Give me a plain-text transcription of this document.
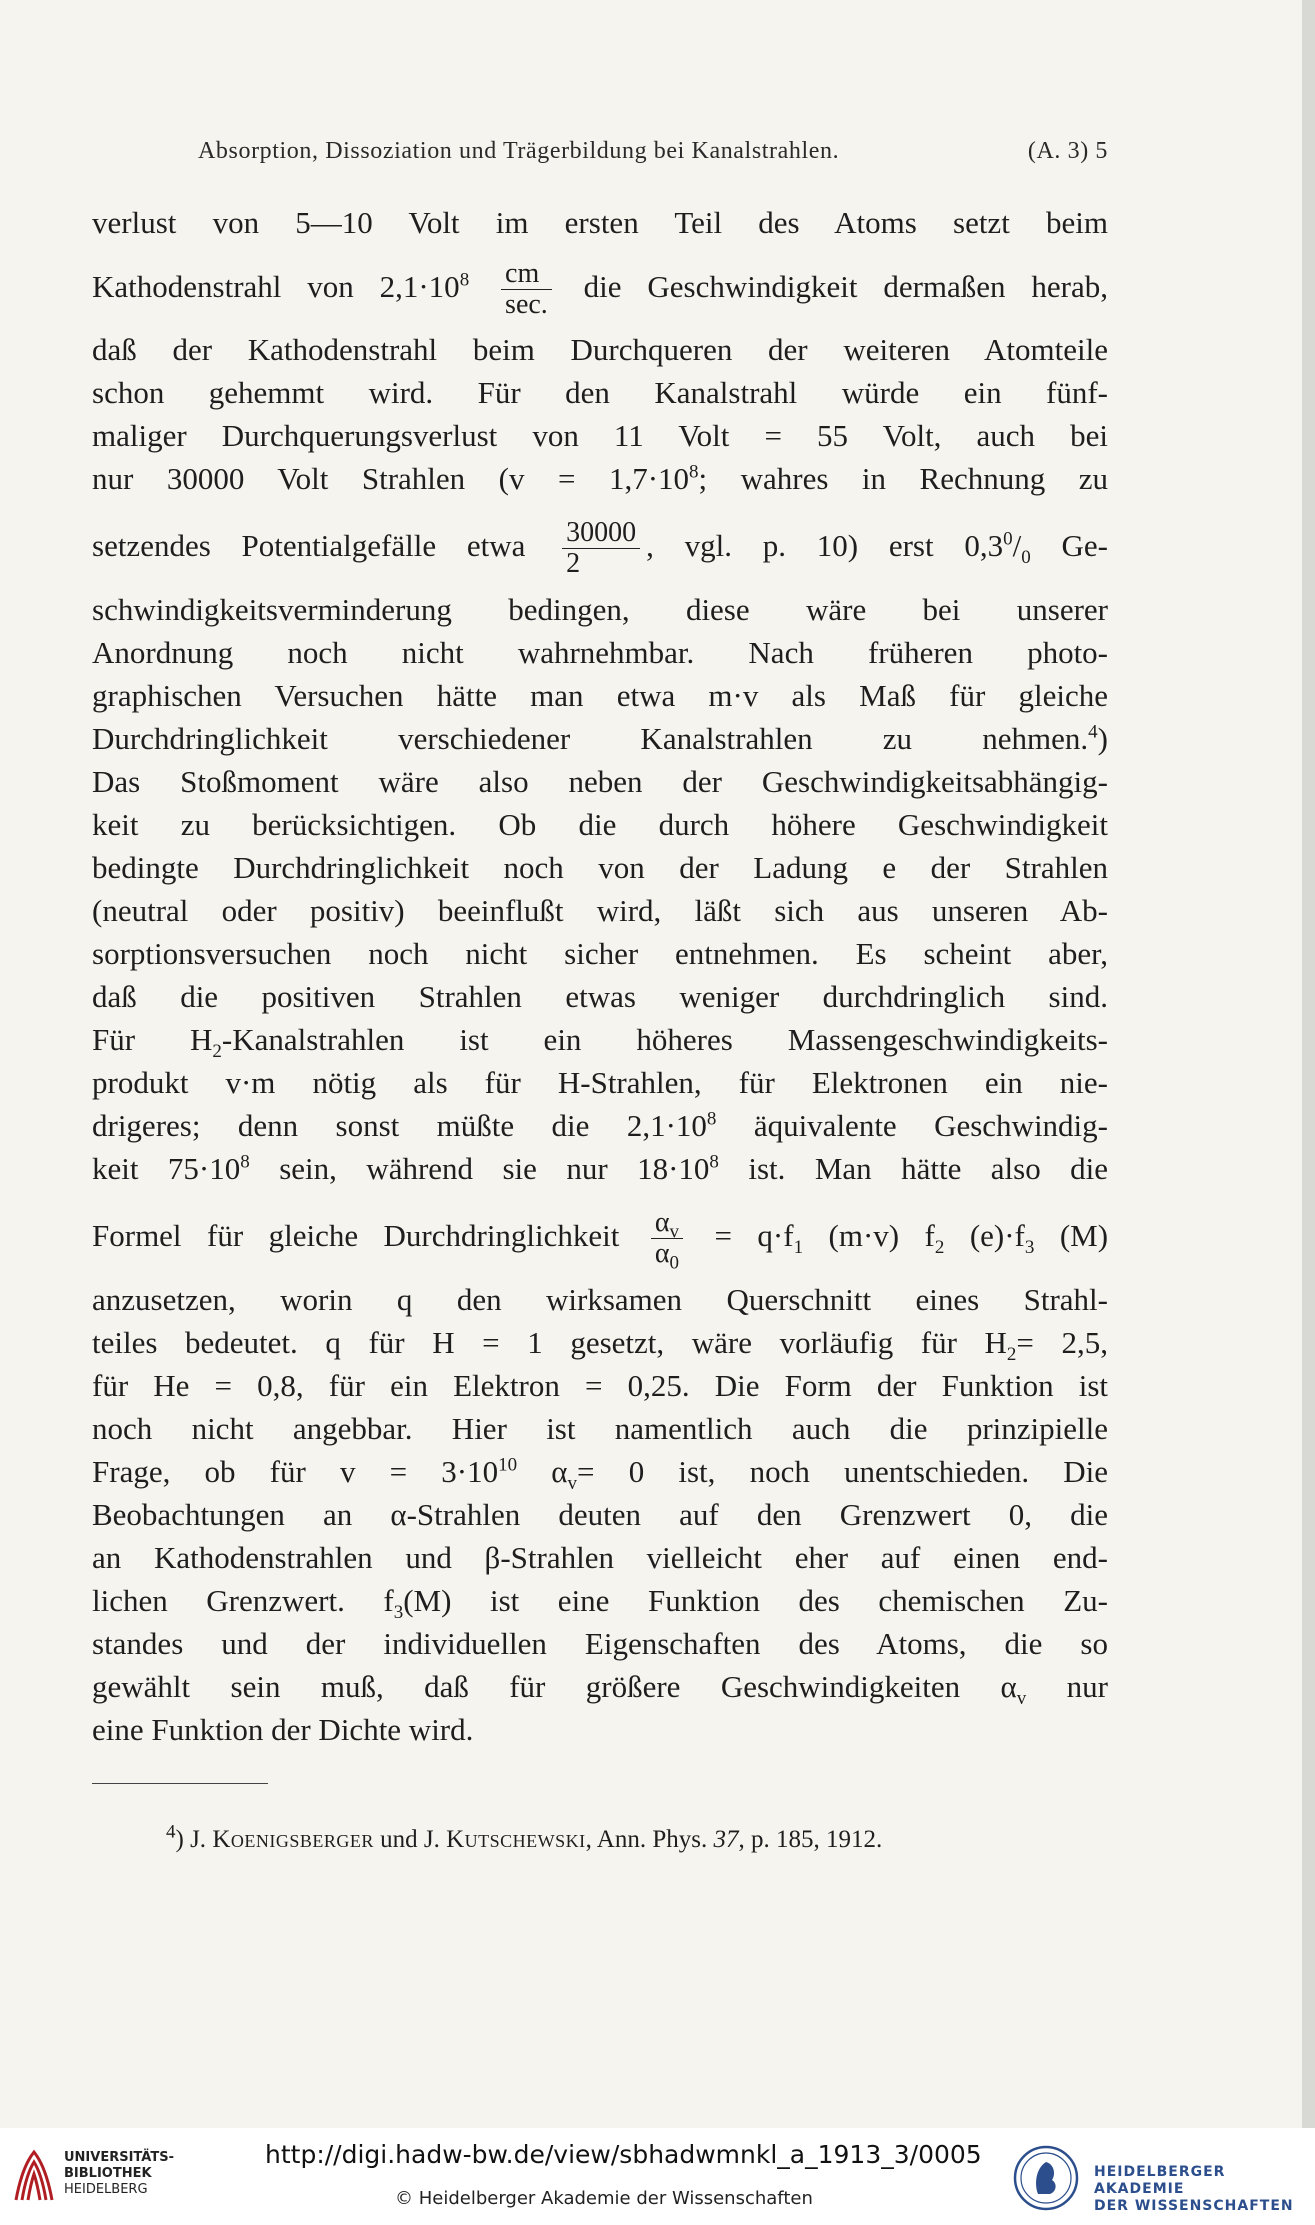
Absorption, Dissoziation und Trägerbildung bei Kanalstrahlen.	(A. 3) 5
verlust von 5—10 Volt im ersten Teil des Atoms setzt beim
Kathodenstrahl von $2,1\cdot 10^8 \frac{cm}{\sec.}$ die Geschwindigkeit dermaßen herab,
daß der Kathodenstrahl beim Durchqueren der weiteren Atomteile
schon gehemmt wird. Für den Kanalstrahl würde ein fünf-
maliger Durchquerungsverlust von 11 Volt = 55 Volt, auch bei
nur 30000 Volt Strahlen ($v = 1,7\cdot 10^8$; wahres in Rechnung zu
setzendes Potentialgefälle etwa $\frac{30000}{2}$ , vgl. p. 10) erst $0,3^0/_0$ Ge-
schwindigkeitsverminderung bedingen, diese wäre bei unserer
Anordnung noch nicht wahrnehmbar. Nach früheren photo-
graphischen Versuchen hätte man etwa m·v als Maß für gleiche
Durchdringlichkeit verschiedener Kanalstrahlen zu nehmen.$^4$)
Das Stoßmoment wäre also neben der Geschwindigkeitsabhängig-
keit zu berücksichtigen. Ob die durch höhere Geschwindigkeit
bedingte Durchdringlichkeit noch von der Ladung e der Strahlen
(neutral oder positiv) beeinflußt wird, läßt sich aus unseren Ab-
sorptionsversuchen noch nicht sicher entnehmen. Es scheint aber,
daß die positiven Strahlen etwas weniger durchdringlich sind.
Für $H_2$-Kanalstrahlen ist ein höheres Massengeschwindigkeits-
produkt v·m nötig als für H-Strahlen, für Elektronen ein nie-
drigeres; denn sonst müßte die $2,1\cdot 10^8$ äquivalente Geschwindig-
keit $75\cdot 10^8$ sein, während sie nur $18\cdot 10^8$ ist. Man hätte also die
Formel für gleiche Durchdringlichkeit $\frac{\alpha_v}{\alpha_0} = q\cdot f_1$ (m·v) $f_2$ $(e)\cdot f_3$ (M)
anzusetzen, worin q den wirksamen Querschnitt eines Strahl-
teiles bedeutet. q für H = 1 gesetzt, wäre vorläufig für $H_2= 2,5$,
für He = 0,8, für ein Elektron = 0,25. Die Form der Funktion ist
noch nicht angebbar. Hier ist namentlich auch die prinzipielle
Frage, ob für $v = 3\cdot 10^{10}$ $\alpha_v= 0$ ist, noch unentschieden. Die
Beobachtungen an α-Strahlen deuten auf den Grenzwert 0, die
an Kathodenstrahlen und β-Strahlen vielleicht eher auf einen end-
lichen Grenzwert. $f_3(M)$ ist eine Funktion des chemischen Zu-
standes und der individuellen Eigenschaften des Atoms, die so
gewählt sein muß, daß für größere Geschwindigkeiten $\alpha_v$ nur
eine Funktion der Dichte wird.
$^4$) J. Koenigsberger und J. Kutschewski, Ann. Phys. 37, p. 185, 1912.
UNIVERSITÄTS-
BIBLIOTHEK
HEIDELBERG
http://digi.hadw-bw.de/view/sbhadwmnkl_a_1913_3/0005
© Heidelberger Akademie der Wissenschaften
HEIDELBERGER AKADEMIE
DER WISSENSCHAFTEN
